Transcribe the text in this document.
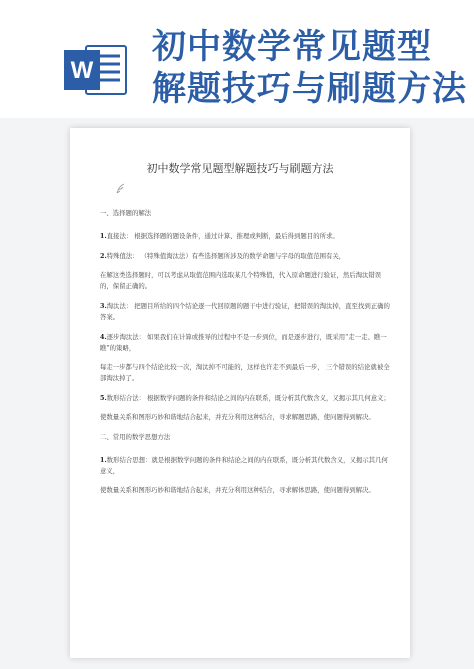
W
初中数学常见题型
解题技巧与刷题方法
初中数学常见题型解题技巧与刷题方法

一、选择题的解法

1.直接法： 根据选择题的题设条件，通过计算、推理或判断，最后得到题目的所求。

2.特殊值法： （特殊值淘汰法）有些选择题所涉及的数学命题与字母的取值范围有关，

在解这类选择题时，可以考虑从取值范围内选取某几个特殊值，代入原命题进行验证，然后淘汰错误的，保留正确的。

3.淘汰法： 把题目所给的四个结论逐一代回原题的题干中进行验证，把错误的淘汰掉，直至找到正确的答案。

4.逐步淘汰法： 如果我们在计算或推导的过程中不是一步到位，而是逐步进行，既采用“走一走、瞧一瞧”的策略，

每走一步都与四个结论比较一次，淘汰掉不可能的，这样也许走不到最后一步， 三个错误的结论就被全部淘汰掉了。

5.数形结合法： 根据数学问题的条件和结论之间的内在联系，既分析其代数含义，又揭示其几何意义；

使数量关系和图形巧妙和谐地结合起来，并充分利用这种结合，寻求解题思路，使问题得到解决。

二、常用的数学思想方法

1.数形结合思想：就是根据数学问题的条件和结论之间的内在联系，既分析其代数含义，又揭示其几何意义，

使数量关系和图形巧妙和谐地结合起来，并充分利用这种结合，寻求解体思路，使问题得到解决。
